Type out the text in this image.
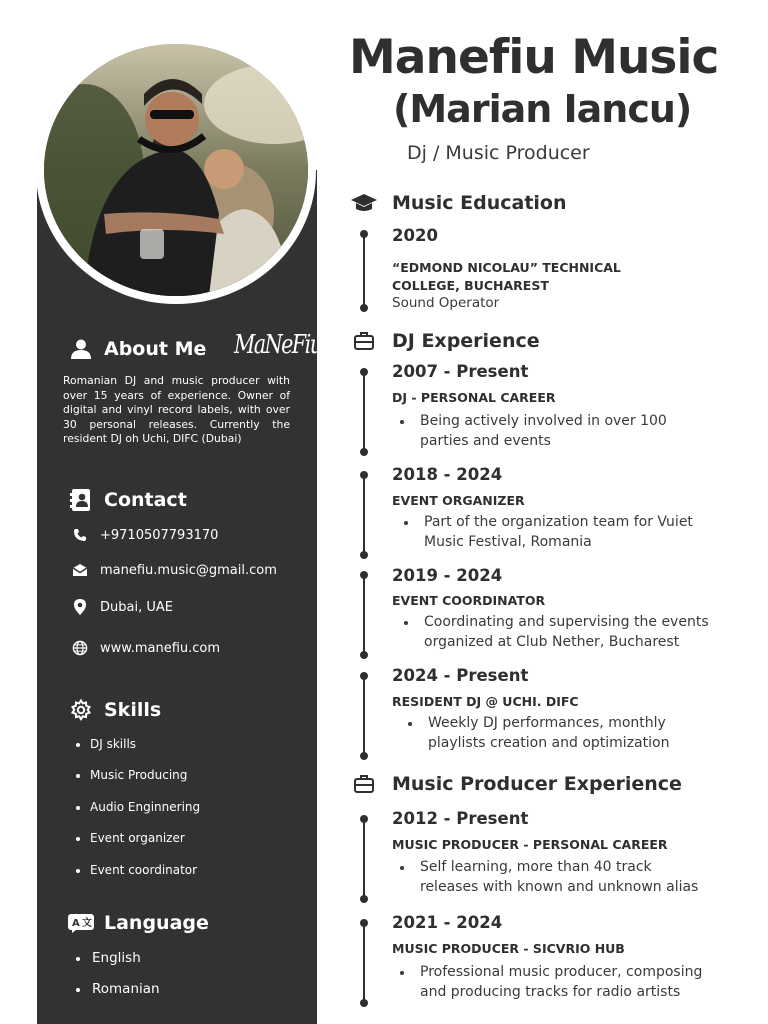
About Me MaNeFiu
Romanian DJ and music producer with over 15 years of experience. Owner of digital and vinyl record labels, with over 30 personal releases. Currently the resident DJ oh Uchi, DIFC (Dubai)
Contact
+9710507793170
manefiu.music@gmail.com
Dubai, UAE
www.manefiu.com
Skills
DJ skills
Music Producing
Audio Enginnering
Event organizer
Event coordinator
A 文 Language
English
Romanian
Manefiu Music
(Marian Iancu)
Dj / Music Producer
Music Education
2020
“EDMOND NICOLAU” TECHNICAL
COLLEGE, BUCHAREST
Sound Operator
DJ Experience
2007 - Present
DJ - PERSONAL CAREER
Being actively involved in over 100
parties and events
2018 - 2024
EVENT ORGANIZER
Part of the organization team for Vuiet
Music Festival, Romania
2019 - 2024
EVENT COORDINATOR
Coordinating and supervising the events
organized at Club Nether, Bucharest
2024 - Present
RESIDENT DJ @ UCHI. DIFC
Weekly DJ performances, monthly
playlists creation and optimization
Music Producer Experience
2012 - Present
MUSIC PRODUCER - PERSONAL CAREER
Self learning, more than 40 track
releases with known and unknown alias
2021 - 2024
MUSIC PRODUCER - SICVRIO HUB
Professional music producer, composing
and producing tracks for radio artists
